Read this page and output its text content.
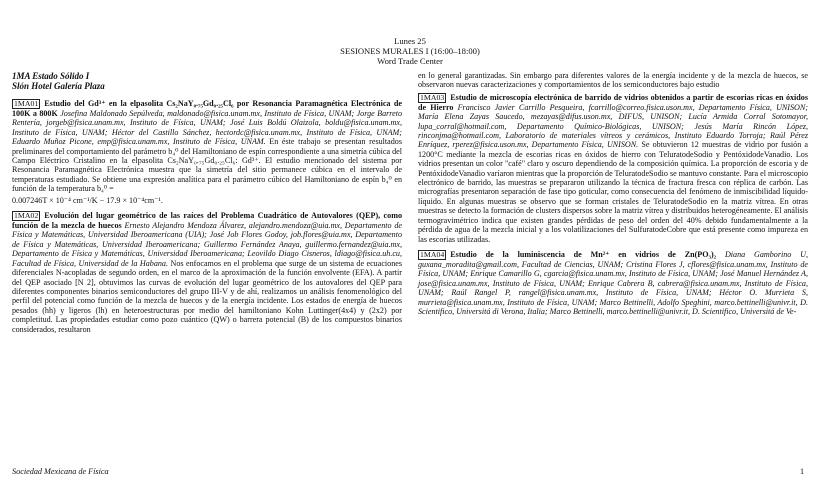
Lunes 25
SESIONES MURALES I (16:00–18:00)
Word Trade Center

1MA Estado Sólido I

Slón Hotel Galería Plaza

1MA01 Estudio del Gd³⁺ en la elpasolita Cs₂NaY₀.₇₅Gd₀.₂₅Cl₆ por Resonancia Paramagnética Electrónica de 100K a 800K Josefina Maldonado Sepúlveda, maldonado@fisica.unam.mx, Instituto de Física, UNAM; Jorge Barreto Rentería, jorgeb@fisica.unam.mx, Instituto de Física, UNAM; José Luis Boldú Olaizola, boldu@fisica.unam.mx, Instituto de Física, UNAM; Héctor del Castillo Sánchez, hectordc@fisica.unam.mx, Instituto de Física, UNAM; Eduardo Muñoz Picone, emp@fisica.unam.mx, Instituto de Física, UNAM. En éste trabajo se presentan resultados preliminares del comportamiento del parámetro b₄⁰ del Hamiltoniano de espín correspondiente a una simetría cúbica del Campo Eléctrico Cristalino en la elpasolita Cs₂NaY₀.₇₅Gd₀.₂₅Cl₆: Gd³⁺. El estudio mencionado del sistema por Resonancia Paramagnética Electrónica muestra que la simetría del sitio permanece cúbica en el intervalo de temperaturas estudiado. Se obtiene una expresión analítica para el parámetro cúbico del Hamiltoniano de espín b₄⁰ en función de la temperatura b₄⁰ =
0.007246T × 10⁻⁴ cm⁻¹/K − 17.9 × 10⁻⁴cm⁻¹.

1MA02 Evolución del lugar geométrico de las raíces del Problema Cuadrático de Autovalores (QEP), como función de la mezcla de huecos Ernesto Alejandro Mendoza Álvarez, alejandro.mendoza@uia.mx, Departamento de Física y Matemáticas, Universidad Iberoamericana (UIA); José Job Flores Godoy, job.flores@uia.mx, Departamento de Física y Matemáticas, Universidad Iberoamericana; Guillermo Fernández Anaya, guillermo.fernandez@uia.mx, Departamento de Física y Matemáticas, Universidad Iberoamericana; Leovildo Diago Cisneros, ldiago@fisica.uh.cu, Facultad de Física, Universidad de la Habana. Nos enfocamos en el problema que surge de un sistema de ecuaciones diferenciales N-acopladas de segundo orden, en el marco de la aproximación de la función envolvente (EFA). A partir del QEP asociado [N 2], obtuvimos las curvas de evolución del lugar geométrico de los autovalores del QEP para diferentes componentes binarios semiconductores del grupo III-V y de ahí, realizamos un análisis fenomenológico del perfil del potencial como función de la mezcla de huecos y de la energía incidente. Los estados de energía de huecos pesados (hh) y ligeros (lh) en heteroestructuras por medio del hamiltoniano Kohn Luttinger(4x4) y (2x2) por completitud. Las propiedades estudiar como pozo cuántico (QW) o barrera potencial (B) de los compuestos binarios considerados, resultaron

en lo general garantizadas. Sin embargo para diferentes valores de la energía incidente y de la mezcla de huecos, se observaron nuevas caracterizaciones y comportamientos de los semiconductores bajo estudio

1MA03 Estudio de microscopía electrónica de barrido de vidrios obtenidos a partir de escorias ricas en óxidos de Hierro Francisco Javier Carrillo Pesqueira, fcarrillo@correo.fisica.uson.mx, Departamento Física, UNISON; María Elena Zayas Saucedo, mezayas@difus.uson.mx, DIFUS, UNISON; Lucía Armida Corral Sotomayor, lupa_corral@hotmail.com, Departamento Químico-Biológicas, UNISON; Jesús María Rincón López, rinconjma@hotmail.com, Laboratorio de materiales vítreos y cerámicos, Instituto Eduardo Torroja; Raúl Pérez Enríquez, rperez@fisica.uson.mx, Departamento Física, UNISON. Se obtuvieron 12 muestras de vidrio por fusión a 1200°C mediante la mezcla de escorias ricas en óxidos de hierro con TeluratodeSodio y PentóxidodeVanadio. Los vidrios presentan un color "café" claro y oscuro dependiendo de la composición química. La proporción de escoria y de PentóxidodeVanadio varíaron mientras que la proporción de TeluratodeSodio se mantuvo constante. Para el microscopio electrónico de barrido, las muestras se prepararon utilizando la técnica de fractura fresca con réplica de carbón. Las micrografías presentaron separación de fase tipo goticular, como consecuencia del fenómeno de inmiscibilidad líquido-líquido. En algunas muestras se observo que se forman cristales de TeluratodeSodio en la matriz vítrea. En otras muestras se detecto la formación de clusters dispersos sobre la matriz vítrea y distribuidos heterogéneamente. El análisis termogravimétrico indica que existen grandes pérdidas de peso del orden del 40% debido fundamentalmente a la pérdida de agua de la mezcla inicial y a los volatilizaciones del SulfuratodeCobre que está presente como impureza en las escorias utilizadas.

1MA04 Estudio de la luminiscencia de Mn²⁺ en vidrios de Zn(PO₃)₂ Diana Gamborino U, guxana_moradita@gmail.com, Facultad de Ciencias, UNAM; Cristina Flores J, cflores@fisica.unam.mx, Instituto de Física, UNAM; Enrique Camarillo G, cgarcia@fisica.unam.mx, Instituto de Física, UNAM; José Manuel Hernández A, jose@fisica.unam.mx, Instituto de Física, UNAM; Enrique Cabrera B, cabrera@fisica.unam.mx, Instituto de Física, UNAM; Raúl Rangel P, rangel@fisica.unam.mx, Instituto de Física, UNAM; Héctor O. Murrieta S, murrieta@fisica.unam.mx, Instituto de Física, UNAM; Marco Bettinelli, Adolfo Speghini, marco.bettinelli@univr.it, D. Scientifico, Universitá di Verona, Italia; Marco Bettinelli, marco.bettinelli@univr.it, D. Scientifico, Universitá de Ve-

Sociedad Mexicana de Física	1
